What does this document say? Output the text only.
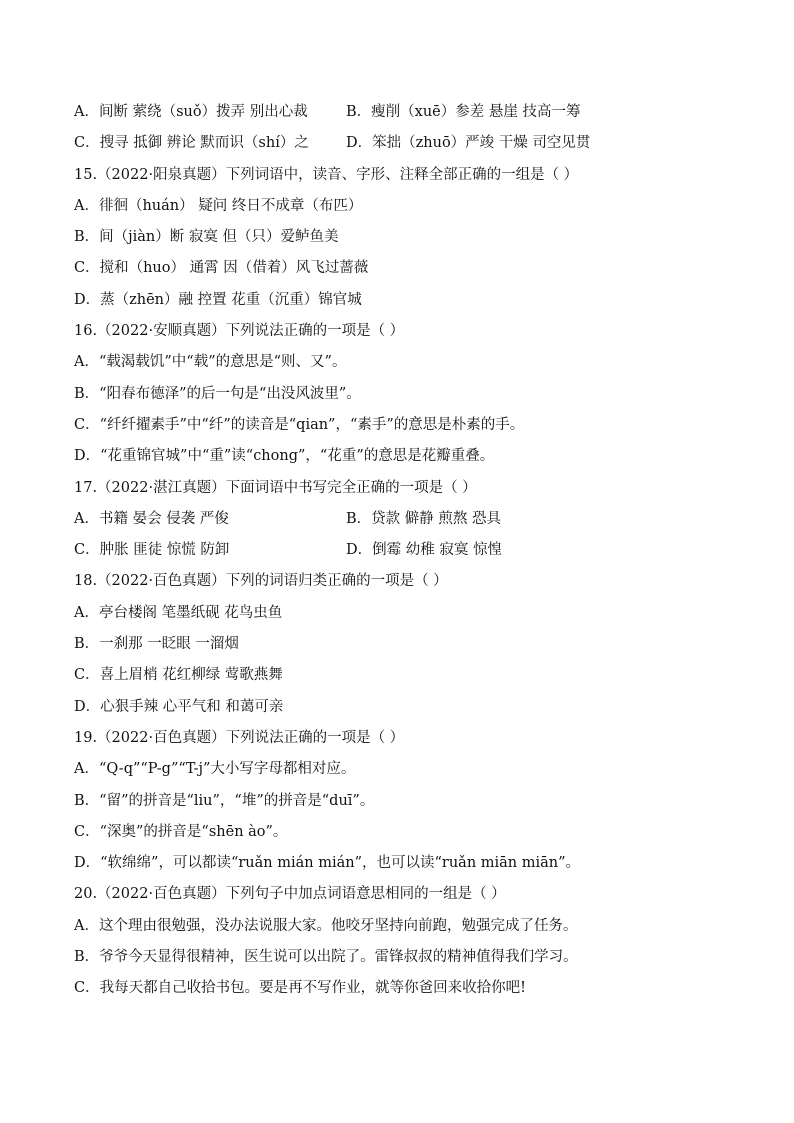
A．间断 萦绕（suǒ）拨弄 别出心裁	B．瘦削（xuē）参差 悬崖 技高一筹
C．搜寻 抵御 辨论 默而识（shí）之	D．笨拙（zhuō）严竣 干燥 司空见贯
15.（2022·阳泉真题）下列词语中，读音、字形、注释全部正确的一组是（ ）
A．徘徊（huán） 疑问 终日不成章（布匹）
B．间（jiàn）断 寂寞 但（只）爱鲈鱼美
C．搅和（huo） 通霄 因（借着）风飞过蔷薇
D．蒸（zhēn）融 控置 花重（沉重）锦官城
16.（2022·安顺真题）下列说法正确的一项是（ ）
A．“载渴载饥”中“载”的意思是“则、又”。
B．“阳春布德泽”的后一句是“出没风波里”。
C．“纤纤擢素手”中“纤”的读音是“qian”，“素手”的意思是朴素的手。
D．“花重锦官城”中“重”读“chong”，“花重”的意思是花瓣重叠。
17.（2022·湛江真题）下面词语中书写完全正确的一项是（ ）
A．书籍 晏会 侵袭 严俊	B．贷款 僻静 煎熬 恐具
C．肿胀 匪徒 惊慌 防卸	D．倒霉 幼稚 寂寞 惊惶
18.（2022·百色真题）下列的词语归类正确的一项是（ ）
A．亭台楼阁 笔墨纸砚 花鸟虫鱼
B．一刹那 一眨眼 一溜烟
C．喜上眉梢 花红柳绿 莺歌燕舞
D．心狠手辣 心平气和 和蔼可亲
19.（2022·百色真题）下列说法正确的一项是（ ）
A．“Q-q”“P-g”“T-j”大小写字母都相对应。
B．“留”的拼音是“liu”，“堆”的拼音是“duī”。
C．“深奥”的拼音是“shēn ào”。
D．“软绵绵”，可以都读“ruǎn mián mián”，也可以读“ruǎn miān miān”。
20.（2022·百色真题）下列句子中加点词语意思相同的一组是（ ）
A．这个理由很勉强，没办法说服大家。他咬牙坚持向前跑，勉强完成了任务。
B．爷爷今天显得很精神，医生说可以出院了。雷锋叔叔的精神值得我们学习。
C．我每天都自己收拾书包。要是再不写作业，就等你爸回来收拾你吧!
